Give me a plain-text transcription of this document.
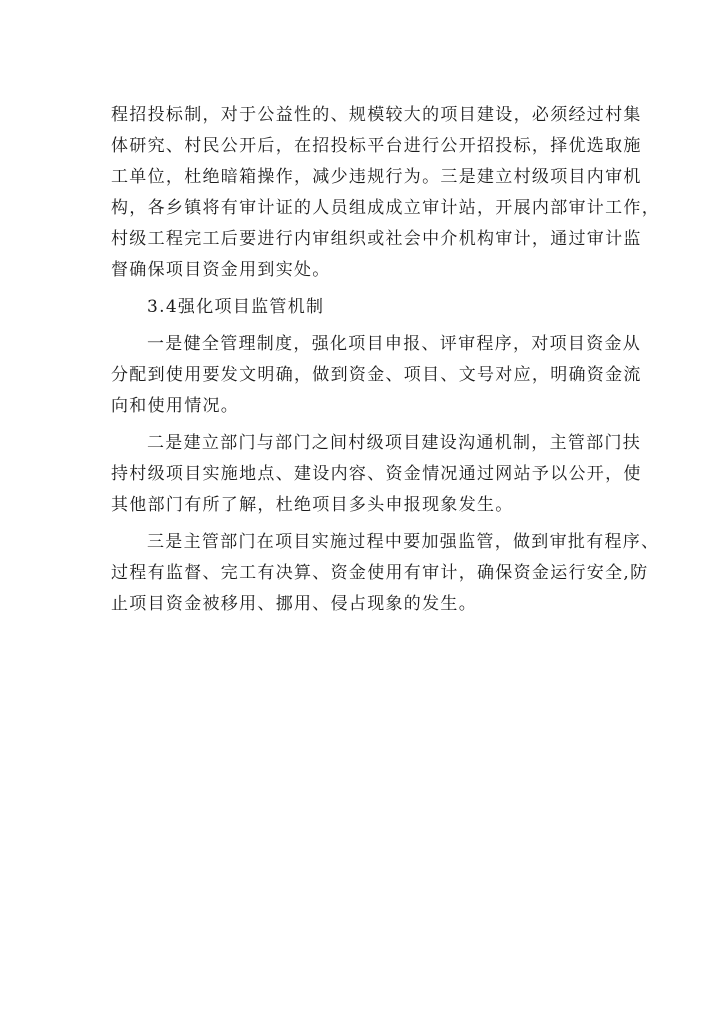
程招投标制，对于公益性的、规模较大的项目建设，必须经过村集
体研究、村民公开后，在招投标平台进行公开招投标，择优选取施
工单位，杜绝暗箱操作，减少违规行为。三是建立村级项目内审机
构，各乡镇将有审计证的人员组成成立审计站，开展内部审计工作，
村级工程完工后要进行内审组织或社会中介机构审计，通过审计监
督确保项目资金用到实处。
3.4强化项目监管机制
一是健全管理制度，强化项目申报、评审程序，对项目资金从
分配到使用要发文明确，做到资金、项目、文号对应，明确资金流
向和使用情况。
二是建立部门与部门之间村级项目建设沟通机制，主管部门扶
持村级项目实施地点、建设内容、资金情况通过网站予以公开，使
其他部门有所了解，杜绝项目多头申报现象发生。
三是主管部门在项目实施过程中要加强监管，做到审批有程序、
过程有监督、完工有决算、资金使用有审计，确保资金运行安全,防
止项目资金被移用、挪用、侵占现象的发生。
